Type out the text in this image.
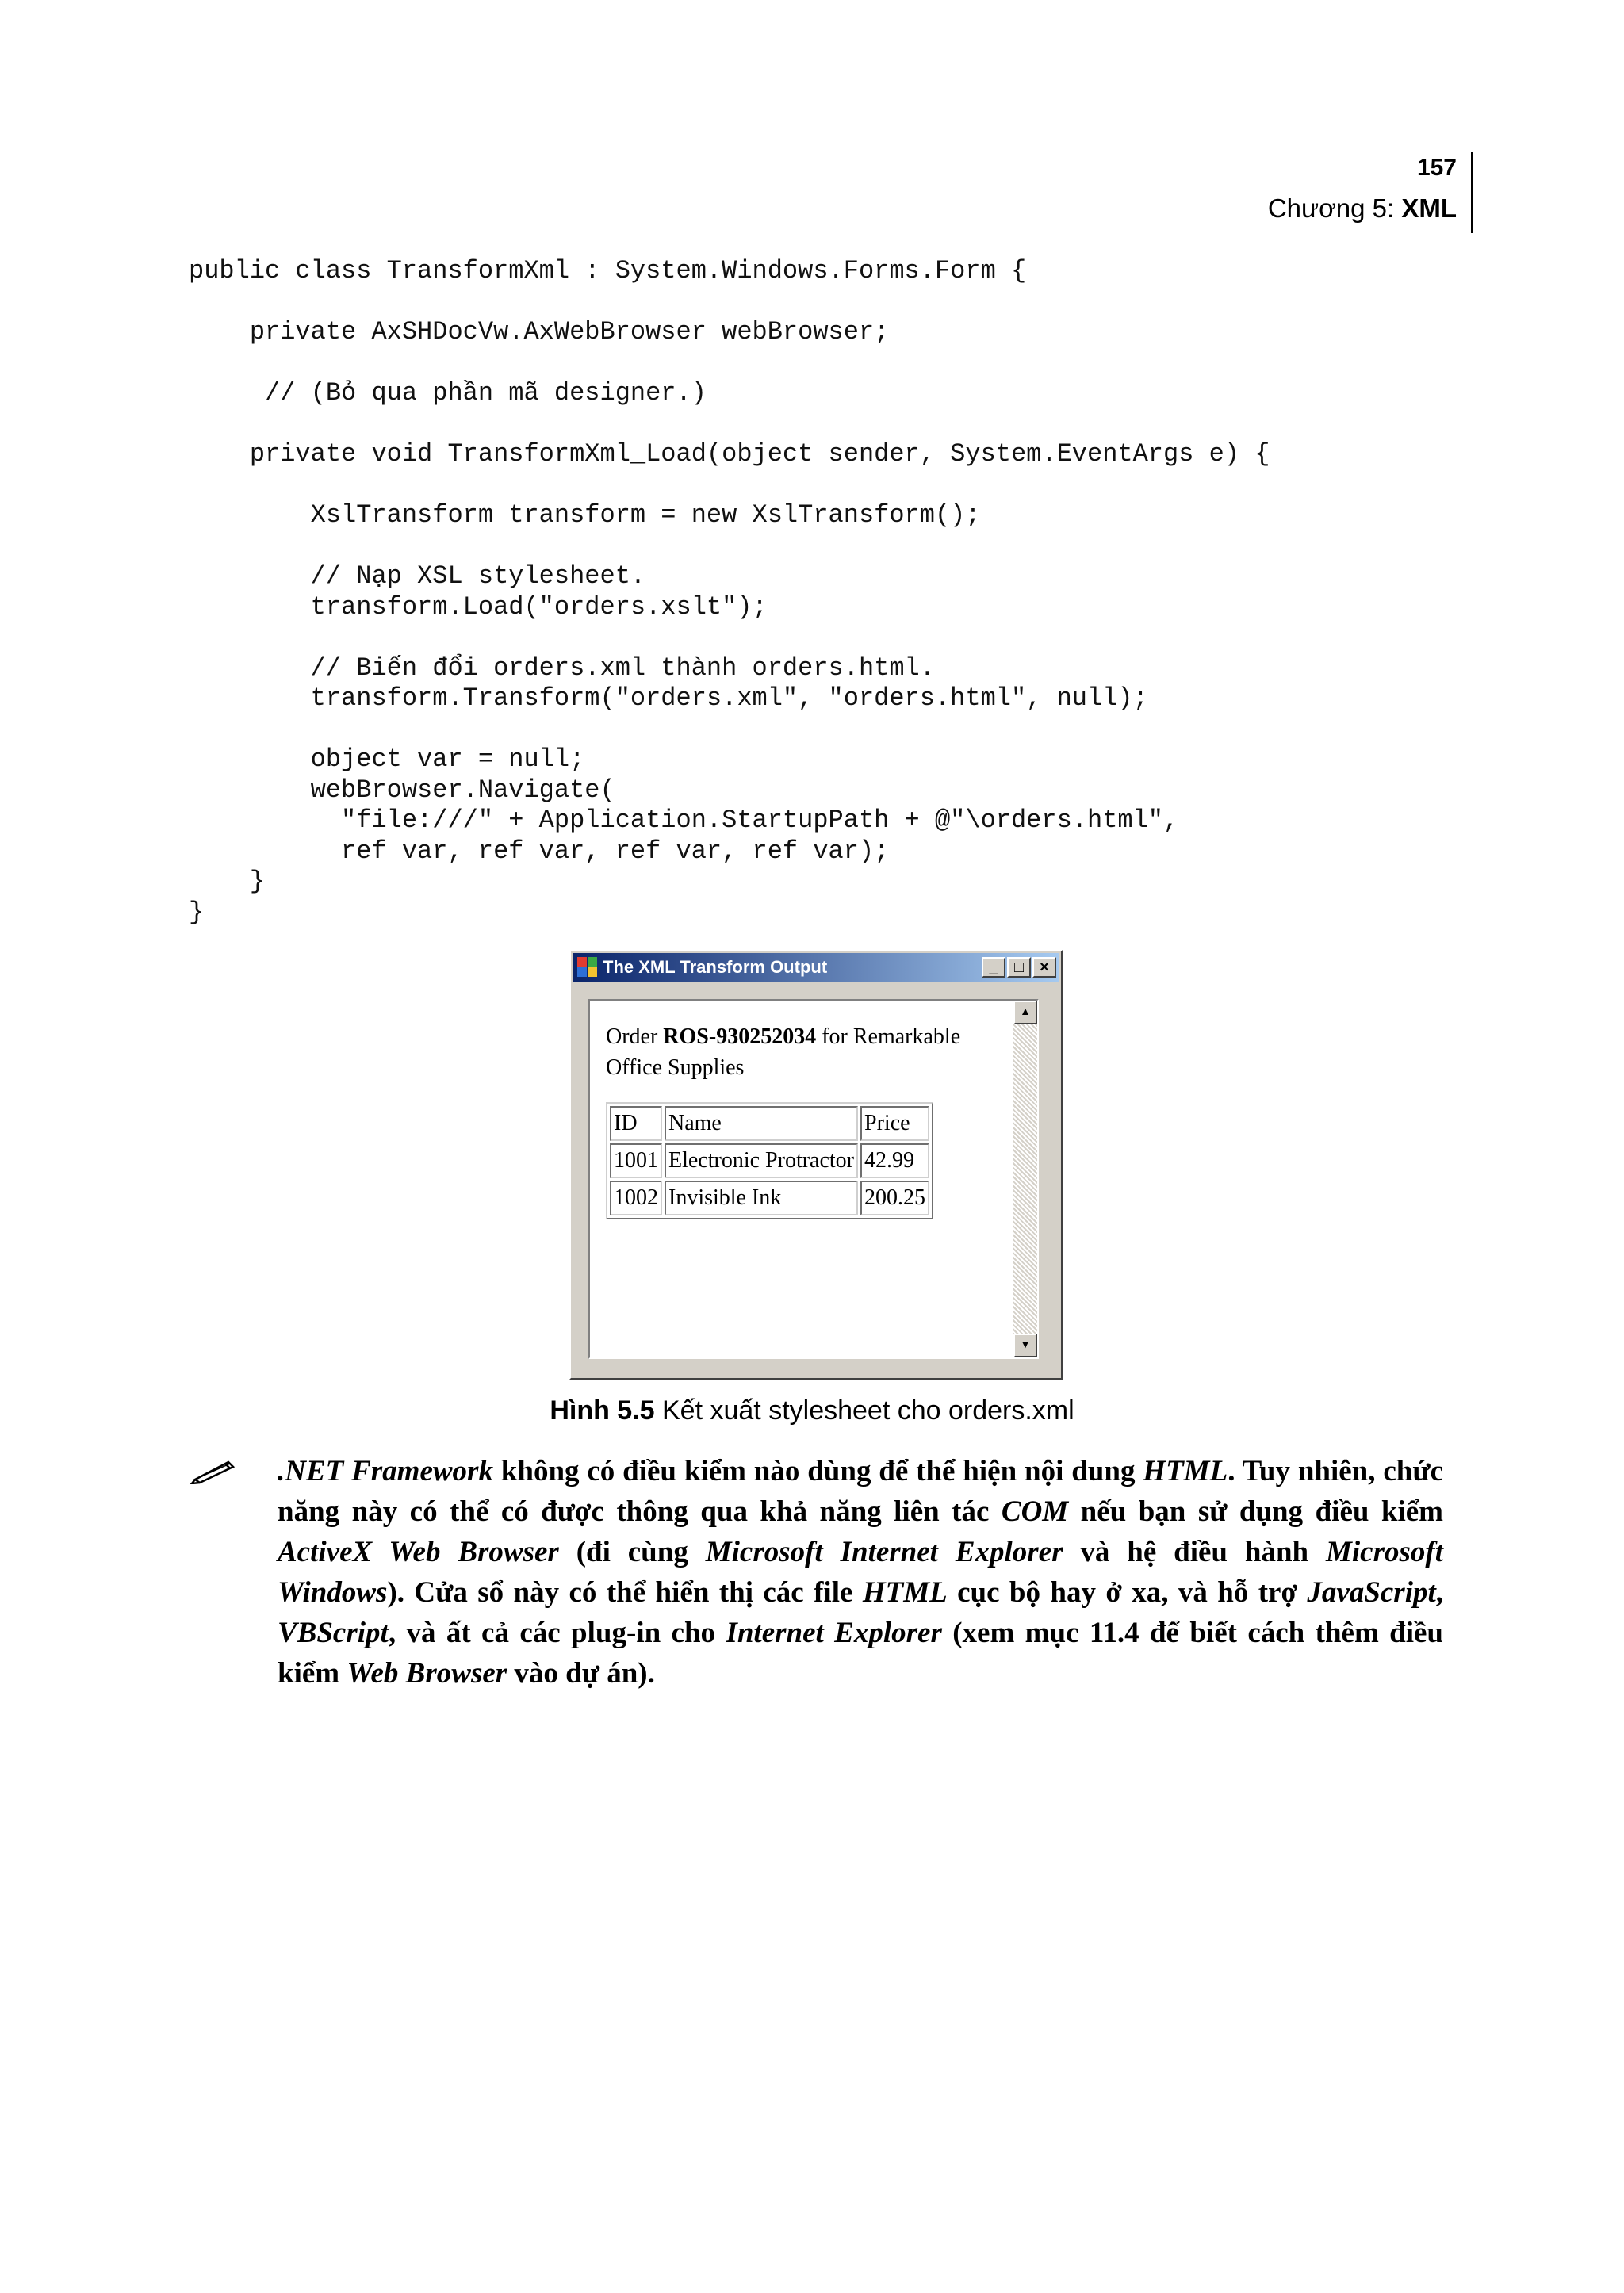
157
Chương 5: XML
public class TransformXml : System.Windows.Forms.Form {

private AxSHDocVw.AxWebBrowser webBrowser;

// (Bỏ qua phần mã designer.)

private void TransformXml_Load(object sender, System.EventArgs e) {

XslTransform transform = new XslTransform();

// Nạp XSL stylesheet.
transform.Load("orders.xslt");

// Biến đổi orders.xml thành orders.html.
transform.Transform("orders.xml", "orders.html", null);

object var = null;
webBrowser.Navigate(
"file:///" + Application.StartupPath + @"\orders.html",
ref var, ref var, ref var, ref var);
}
}
The XML Transform Output	_	□	×
Order ROS-930252034 for Remarkable Office Supplies
ID	Name	Price
1001	Electronic Protractor	42.99
1002	Invisible Ink	200.25
▲
▼
Hình 5.5 Kết xuất stylesheet cho orders.xml

.NET Framework không có điều kiểm nào dùng để thể hiện nội dung HTML. Tuy nhiên, chức năng này có thể có được thông qua khả năng liên tác COM nếu bạn sử dụng điều kiểm ActiveX Web Browser (đi cùng Microsoft Internet Explorer và hệ điều hành Microsoft Windows). Cửa sổ này có thể hiển thị các file HTML cục bộ hay ở xa, và hỗ trợ JavaScript, VBScript, và ất cả các plug-in cho Internet Explorer (xem mục 11.4 để biết cách thêm điều kiểm Web Browser vào dự án).
